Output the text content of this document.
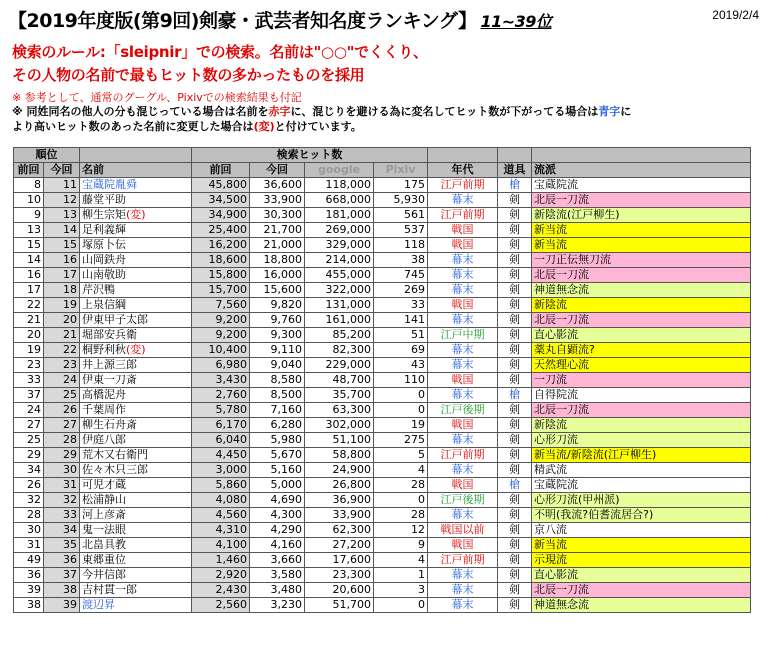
【2019年度版(第9回)剣豪・武芸者知名度ランキング】 11~39位	2019/2/4
検索のルール:「sleipnir」での検索。名前は"○○"でくくり、
その人物の名前で最もヒット数の多かったものを採用
※ 参考として、通常のグーグル、Pixivでの検索結果も付記
※ 同姓同名の他人の分も混じっている場合は名前を赤字に、混じりを避ける為に変名してヒット数が下がってる場合は青字に
より高いヒット数のあった名前に変更した場合は(変)と付けています。
順位			検索ヒット数						
前回	今回	名前	前回	今回	google	Pixiv	年代	道具	流派
8	11	宝蔵院胤舜	45,800	36,600	118,000	175	江戸前期	槍	宝蔵院流
10	12	藤堂平助	34,500	33,900	668,000	5,930	幕末	剣	北辰一刀流
9	13	柳生宗矩(変)	34,900	30,300	181,000	561	江戸前期	剣	新陰流(江戸柳生)
13	14	足利義輝	25,400	21,700	269,000	537	戦国	剣	新当流
15	15	塚原卜伝	16,200	21,000	329,000	118	戦国	剣	新当流
14	16	山岡鉄舟	18,600	18,800	214,000	38	幕末	剣	一刀正伝無刀流
16	17	山南敬助	15,800	16,000	455,000	745	幕末	剣	北辰一刀流
17	18	芹沢鴨	15,700	15,600	322,000	269	幕末	剣	神道無念流
22	19	上泉信綱	7,560	9,820	131,000	33	戦国	剣	新陰流
21	20	伊東甲子太郎	9,200	9,760	161,000	141	幕末	剣	北辰一刀流
20	21	堀部安兵衛	9,200	9,300	85,200	51	江戸中期	剣	直心影流
19	22	桐野利秋(変)	10,400	9,110	82,300	69	幕末	剣	薬丸自顕流?
23	23	井上源三郎	6,980	9,040	229,000	43	幕末	剣	天然理心流
33	24	伊東一刀斎	3,430	8,580	48,700	110	戦国	剣	一刀流
37	25	高橋泥舟	2,760	8,500	35,700	0	幕末	槍	自得院流
24	26	千葉周作	5,780	7,160	63,300	0	江戸後期	剣	北辰一刀流
27	27	柳生石舟斎	6,170	6,280	302,000	19	戦国	剣	新陰流
25	28	伊庭八郎	6,040	5,980	51,100	275	幕末	剣	心形刀流
29	29	荒木又右衛門	4,450	5,670	58,800	5	江戸前期	剣	新当流/新陰流(江戸柳生)
34	30	佐々木只三郎	3,000	5,160	24,900	4	幕末	剣	精武流
26	31	可児才蔵	5,860	5,000	26,800	28	戦国	槍	宝蔵院流
32	32	松浦静山	4,080	4,690	36,900	0	江戸後期	剣	心形刀流(甲州派)
28	33	河上彦斎	4,560	4,300	33,900	28	幕末	剣	不明(我流?伯耆流居合?)
30	34	鬼一法眼	4,310	4,290	62,300	12	戦国以前	剣	京八流
31	35	北畠具教	4,100	4,160	27,200	9	戦国	剣	新当流
49	36	東郷重位	1,460	3,660	17,600	4	江戸前期	剣	示現流
36	37	今井信郎	2,920	3,580	23,300	1	幕末	剣	直心影流
39	38	吉村貫一郎	2,430	3,480	20,600	3	幕末	剣	北辰一刀流
38	39	渡辺昇	2,560	3,230	51,700	0	幕末	剣	神道無念流
